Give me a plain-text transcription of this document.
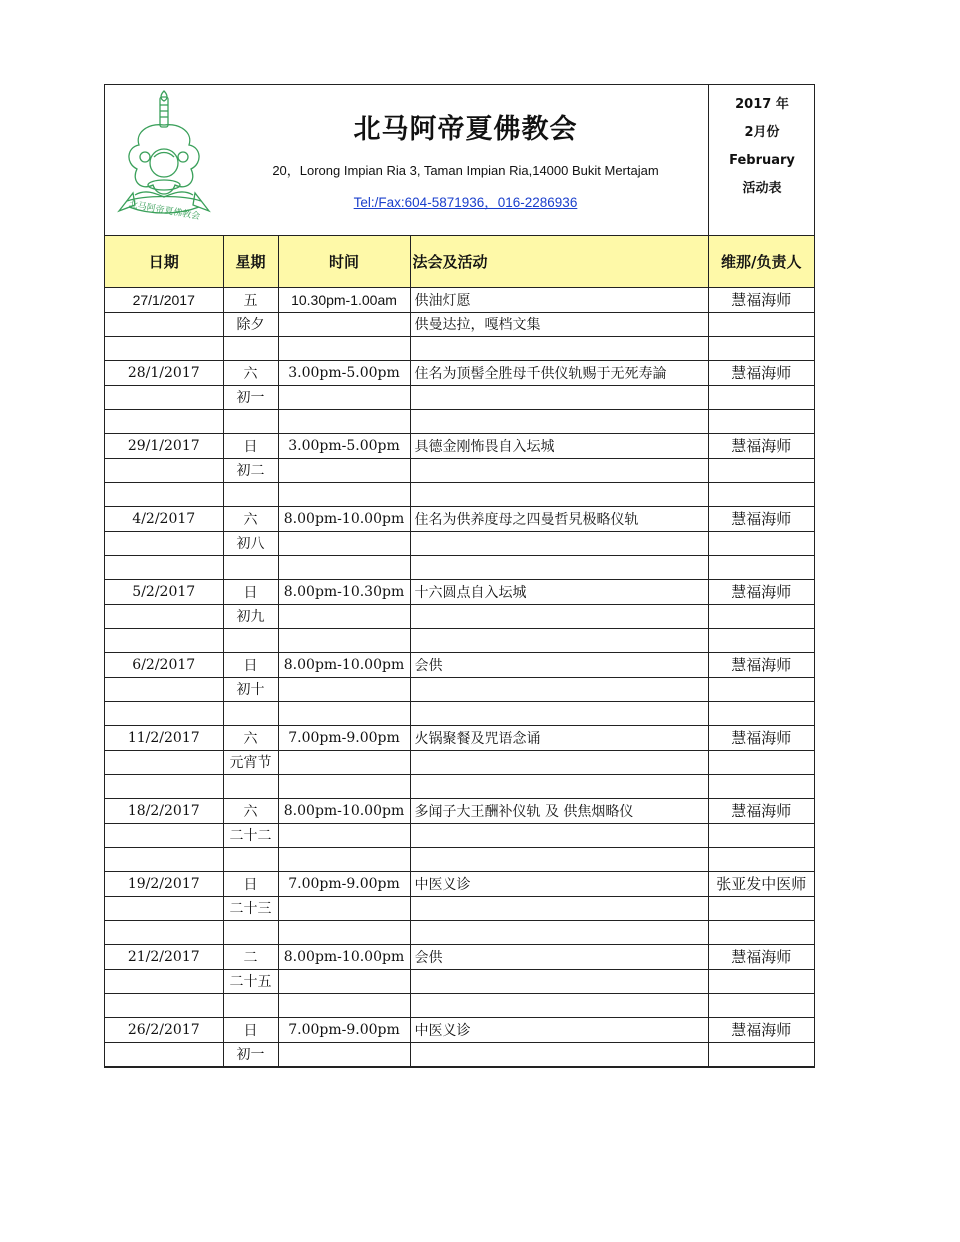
北马阿帝夏佛教会
北马阿帝夏佛教会
20，Lorong Impian Ria 3, Taman Impian Ria,14000 Bukit Mertajam
Tel:/Fax:604-5871936，016-2286936
2017 年
2月份
February
活动表
日期	星期	时间	法会及活动	维那/负责人
27/1/2017	五	10.30pm-1.00am	供油灯愿	慧福海师
	除夕		供曼达拉，嘎档文集	

28/1/2017	六	3.00pm-5.00pm	住名为顶髻全胜母千供仪轨赐于无死寿論	慧福海师
	初一			

29/1/2017	日	3.00pm-5.00pm	具德金刚怖畏自入坛城	慧福海师
	初二			

4/2/2017	六	8.00pm-10.00pm	住名为供养度母之四曼哲旯极略仪轨	慧福海师
	初八			

5/2/2017	日	8.00pm-10.30pm	十六圆点自入坛城	慧福海师
	初九			

6/2/2017	日	8.00pm-10.00pm	会供	慧福海师
	初十			

11/2/2017	六	7.00pm-9.00pm	火锅聚餐及咒语念诵	慧福海师
	元宵节			

18/2/2017	六	8.00pm-10.00pm	多闻子大王酬补仪轨 及 供焦烟略仪	慧福海师
	二十二			

19/2/2017	日	7.00pm-9.00pm	中医义诊	张亚发中医师
	二十三			

21/2/2017	二	8.00pm-10.00pm	会供	慧福海师
	二十五			

26/2/2017	日	7.00pm-9.00pm	中医义诊	慧福海师
	初一			
